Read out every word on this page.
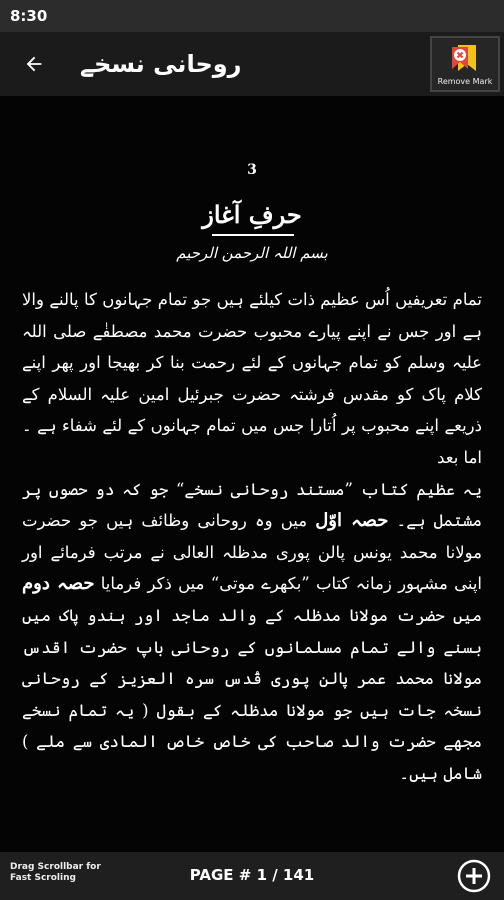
8:30
روحانی نسخے
Remove Mark
3
حرفِ آغاز
بسم اللہ الرحمن الرحیم

تمام تعریفیں اُس عظیم ذات کیلئے ہیں جو تمام جہانوں کا پالنے والا ہے اور جس نے اپنے پیارے محبوب حضرت محمد مصطفٰے صلی اللہ علیہ وسلم کو تمام جہانوں کے لئے رحمت بنا کر بھیجا اور پھر اپنے کلام پاک کو مقدس فرشتہ حضرت جبرئیل امین علیہ السلام کے ذریعے اپنے محبوب پر اُتارا جس میں تمام جہانوں کے لئے شفاء ہے ۔ اما بعد

یہ عظیم کتاب ”مستند روحانی نسخے“ جو کہ دو حصوں پر مشتمل ہے۔ حصہ اوّل میں وہ روحانی وظائف ہیں جو حضرت مولانا محمد یونس پالن پوری مدظلہ العالی نے مرتب فرمائے اور اپنی مشہور زمانہ کتاب ”بکھرے موتی“ میں ذکر فرمایا حصہ دوم میں حضرت مولانا مدظلہ کے والد ماجد اور ہندو پاک میں بسنے والے تمام مسلمانوں کے روحانی باپ حضرت اقدس مولانا محمد عمر پالن پوری قُدس سرہ العزیز کے روحانی نسخہ جات ہیں جو مولانا مدظلہ کے بقول ( یہ تمام نسخے مجھے حضرت والد صاحب کی خاص خاص المادی سے ملے ) شامل ہیں۔

Drag Scrollbar for Fast Scroling	PAGE # 1 / 141
